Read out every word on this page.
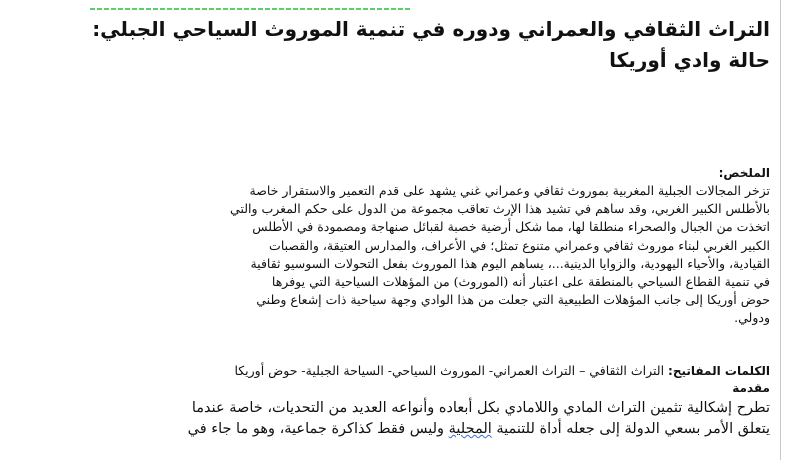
التراث الثقافي والعمراني ودوره في تنمية الموروث السياحي الجبلي: حالة وادي أوريكا
الملخص:
تزخر المجالات الجبلية المغربية بموروث ثقافي وعمراني غني يشهد على قدم التعمير والاستقرار خاصة
بالأطلس الكبير الغربي، وقد ساهم في تشيد هذا الإرث تعاقب مجموعة من الدول على حكم المغرب والتي
اتخذت من الجبال والصحراء منطلقا لها، مما شكل أرضية خصبة لقبائل صنهاجة ومصمودة في الأطلس
الكبير الغربي لبناء موروث ثقافي وعمراني متنوع تمثل؛ في الأعراف، والمدارس العتيقة، والقصبات
القيادية، والأحياء اليهودية، والزوايا الدينية...، يساهم اليوم هذا الموروث بفعل التحولات السوسيو ثقافية
في تنمية القطاع السياحي بالمنطقة على اعتبار أنه (الموروث) من المؤهلات السياحية التي يوفرها
حوض أوريكا إلى جانب المؤهلات الطبيعية التي جعلت من هذا الوادي وجهة سياحية ذات إشعاع وطني
ودولي.
الكلمات المفاتيح: التراث الثقافي – التراث العمراني- الموروث السياحي- السياحة الجبلية- حوض أوريكا
مقدمة
تطرح إشكالية تثمين التراث المادي واللامادي بكل أبعاده وأنواعه العديد من التحديات، خاصة عندما
يتعلق الأمر بسعي الدولة إلى جعله أداة للتنمية المحلية وليس فقط كذاكرة جماعية، وهو ما جاء في
